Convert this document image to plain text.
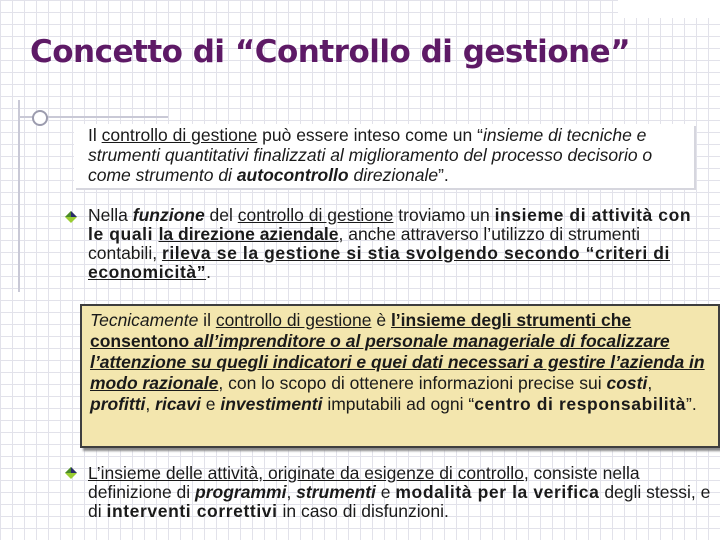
Concetto di “Controllo di gestione”
Il controllo di gestione può essere inteso come un “insieme di tecniche e strumenti quantitativi finalizzati al miglioramento del processo decisorio o come strumento di autocontrollo direzionale”.
Nella funzione del controllo di gestione troviamo un insieme di attività con le quali la direzione aziendale, anche attraverso l’utilizzo di strumenti contabili, rileva se la gestione si stia svolgendo secondo “criteri di economicità”.
Tecnicamente il controllo di gestione è l’insieme degli strumenti che consentono all’imprenditore o al personale manageriale di focalizzare l’attenzione su quegli indicatori e quei dati necessari a gestire l’azienda in modo razionale, con lo scopo di ottenere informazioni precise sui costi, profitti, ricavi e investimenti imputabili ad ogni “centro di responsabilità”.
L’insieme delle attività, originate da esigenze di controllo, consiste nella definizione di programmi, strumenti e modalità per la verifica degli stessi, e di interventi correttivi in caso di disfunzioni.
